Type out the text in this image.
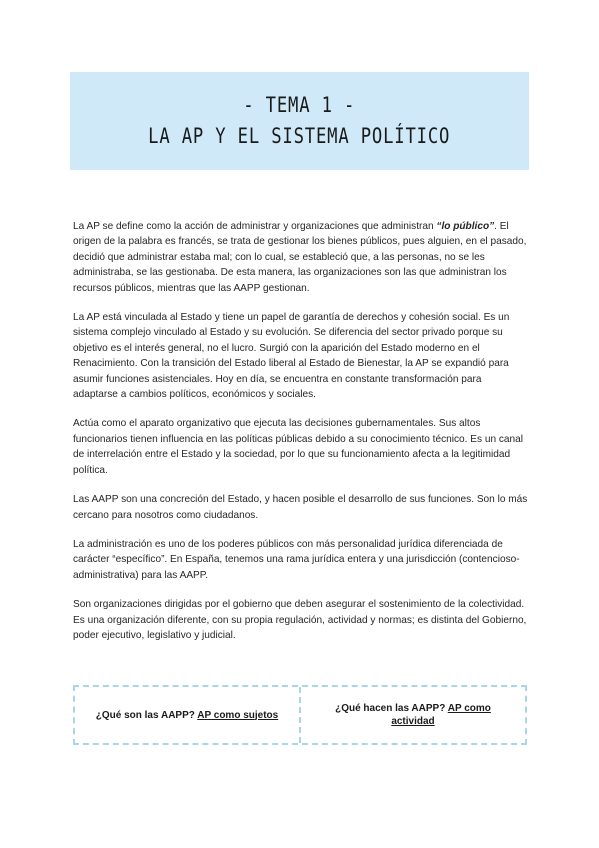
- TEMA 1 -
LA AP Y EL SISTEMA POLÍTICO

La AP se define como la acción de administrar y organizaciones que administran “lo público”. El origen de la palabra es francés, se trata de gestionar los bienes públicos, pues alguien, en el pasado, decidió que administrar estaba mal; con lo cual, se estableció que, a las personas, no se les administraba, se las gestionaba. De esta manera, las organizaciones son las que administran los recursos públicos, mientras que las AAPP gestionan.

La AP está vinculada al Estado y tiene un papel de garantía de derechos y cohesión social. Es un sistema complejo vinculado al Estado y su evolución. Se diferencia del sector privado porque su objetivo es el interés general, no el lucro. Surgió con la aparición del Estado moderno en el Renacimiento. Con la transición del Estado liberal al Estado de Bienestar, la AP se expandió para asumir funciones asistenciales. Hoy en día, se encuentra en constante transformación para adaptarse a cambios políticos, económicos y sociales.

Actúa como el aparato organizativo que ejecuta las decisiones gubernamentales. Sus altos funcionarios tienen influencia en las políticas públicas debido a su conocimiento técnico. Es un canal de interrelación entre el Estado y la sociedad, por lo que su funcionamiento afecta a la legitimidad política.

Las AAPP son una concreción del Estado, y hacen posible el desarrollo de sus funciones. Son lo más cercano para nosotros como ciudadanos.

La administración es uno de los poderes públicos con más personalidad jurídica diferenciada de carácter “específico”. En España, tenemos una rama jurídica entera y una jurisdicción (contencioso-administrativa) para las AAPP.

Son organizaciones dirigidas por el gobierno que deben asegurar el sostenimiento de la colectividad. Es una organización diferente, con su propia regulación, actividad y normas; es distinta del Gobierno, poder ejecutivo, legislativo y judicial.

¿Qué son las AAPP? AP como sujetos
¿Qué hacen las AAPP? AP como actividad
